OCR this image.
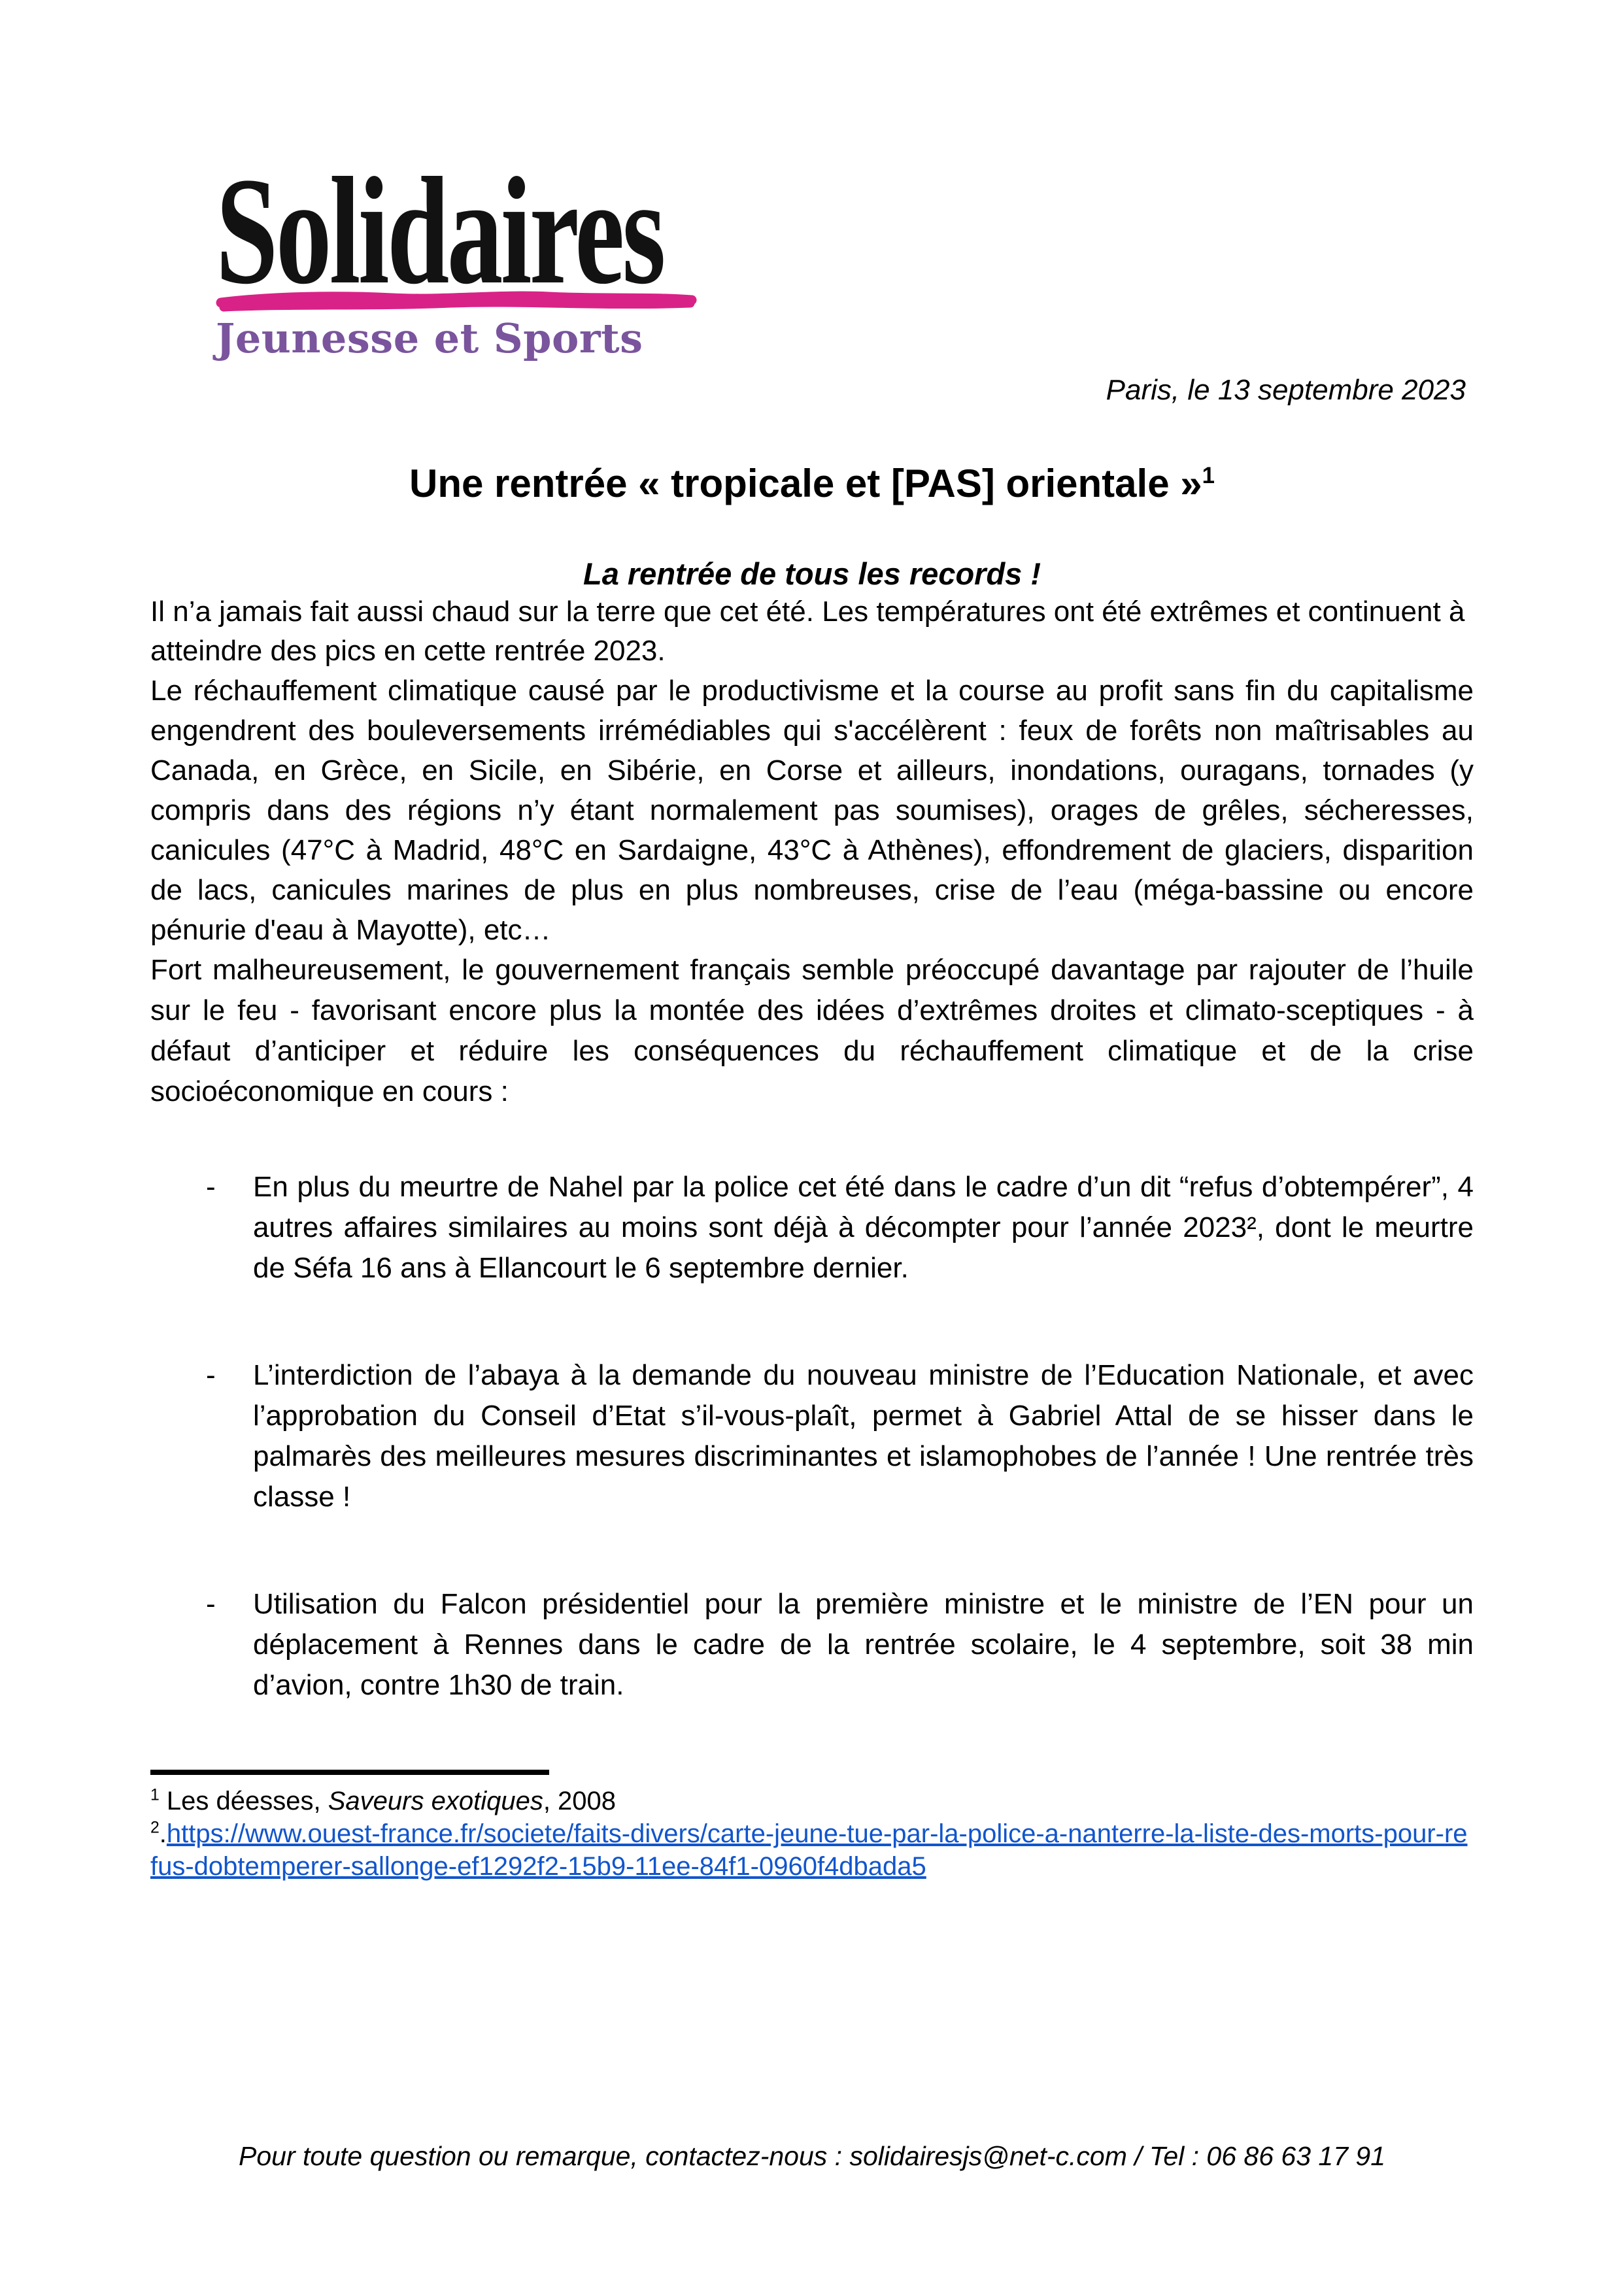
Solidaires
Jeunesse et Sports
Paris, le 13 septembre 2023
Une rentrée « tropicale et [PAS] orientale »$^1$
La rentrée de tous les records !

Il n’a jamais fait aussi chaud sur la terre que cet été. Les températures ont été extrêmes et continuent à atteindre des pics en cette rentrée 2023.

Le réchauffement climatique causé par le productivisme et la course au profit sans fin du capitalisme engendrent des bouleversements irrémédiables qui s'accélèrent : feux de forêts non maîtrisables au Canada, en Grèce, en Sicile, en Sibérie, en Corse et ailleurs, inondations, ouragans, tornades (y compris dans des régions n’y étant normalement pas soumises), orages de grêles, sécheresses, canicules (47°C à Madrid, 48°C en Sardaigne, 43°C à Athènes), effondrement de glaciers, disparition de lacs, canicules marines de plus en plus nombreuses, crise de l’eau (méga-bassine ou encore pénurie d'eau à Mayotte), etc…

Fort malheureusement, le gouvernement français semble préoccupé davantage par rajouter de l’huile sur le feu - favorisant encore plus la montée des idées d’extrêmes droites et climato-sceptiques - à défaut d’anticiper et réduire les conséquences du réchauffement climatique et de la crise socioéconomique en cours :

- En plus du meurtre de Nahel par la police cet été dans le cadre d’un dit “refus d’obtempérer”, 4 autres affaires similaires au moins sont déjà à décompter pour l’année 2023², dont le meurtre de Séfa 16 ans à Ellancourt le 6 septembre dernier.
- L’interdiction de l’abaya à la demande du nouveau ministre de l’Education Nationale, et avec l’approbation du Conseil d’Etat s’il-vous-plaît, permet à Gabriel Attal de se hisser dans le palmarès des meilleures mesures discriminantes et islamophobes de l’année ! Une rentrée très classe !
- Utilisation du Falcon présidentiel pour la première ministre et le ministre de l’EN pour un déplacement à Rennes dans le cadre de la rentrée scolaire, le 4 septembre, soit 38 min d’avion, contre 1h30 de train.
$^1$ Les déesses, Saveurs exotiques, 2008
$^2$.https://www.ouest-france.fr/societe/faits-divers/carte-jeune-tue-par-la-police-a-nanterre-la-liste-des-morts-pour-refus-dobtemperer-sallonge-ef1292f2-15b9-11ee-84f1-0960f4dbada5
Pour toute question ou remarque, contactez-nous : solidairesjs@net-c.com / Tel : 06 86 63 17 91
